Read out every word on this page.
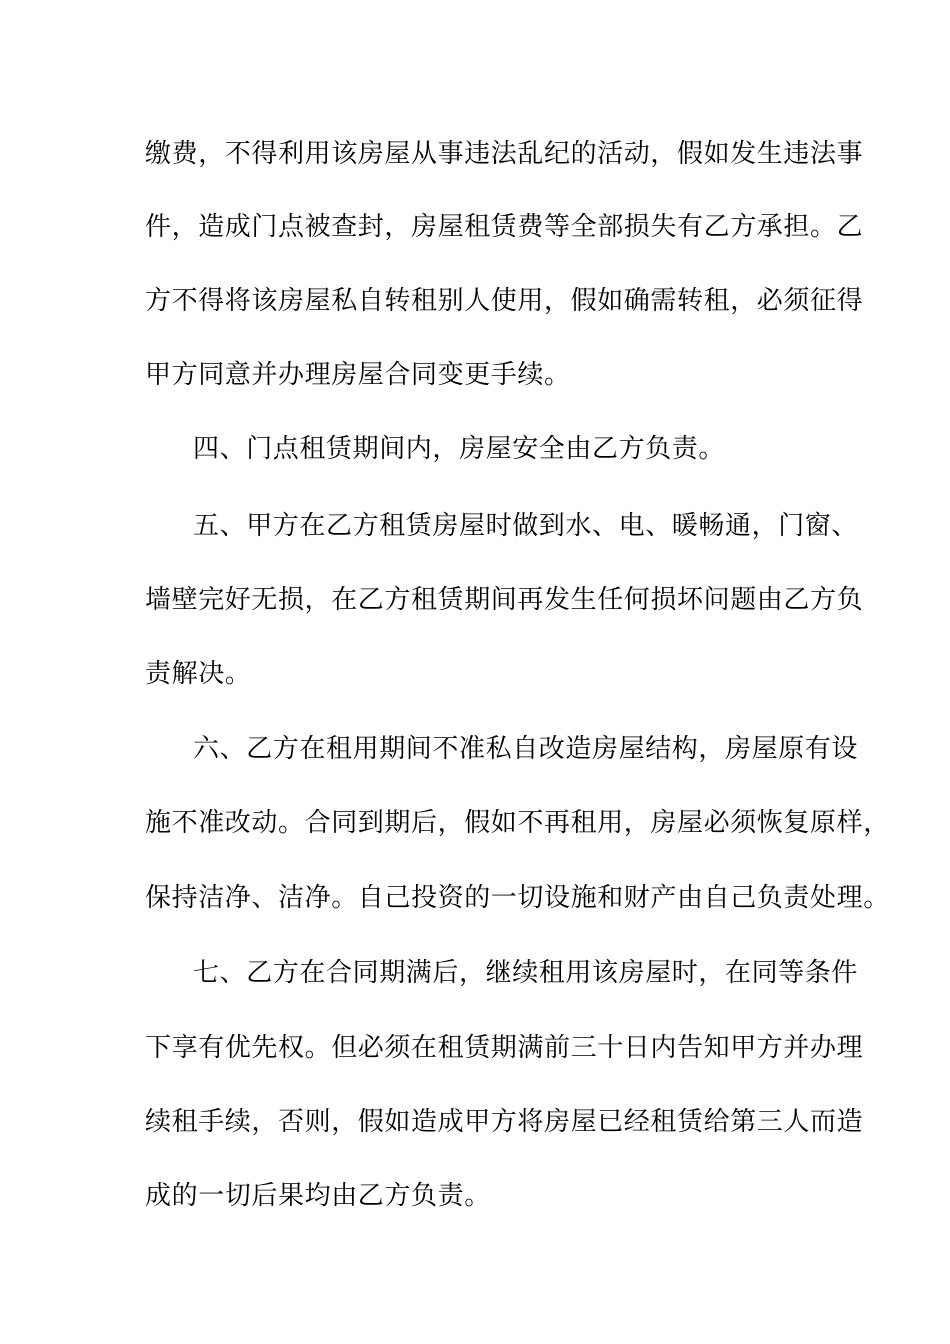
缴费，不得利用该房屋从事违法乱纪的活动，假如发生违法事
件，造成门点被查封，房屋租赁费等全部损失有乙方承担。乙
方不得将该房屋私自转租别人使用，假如确需转租，必须征得
甲方同意并办理房屋合同变更手续。
四、门点租赁期间内，房屋安全由乙方负责。
五、甲方在乙方租赁房屋时做到水、电、暖畅通，门窗、
墙壁完好无损，在乙方租赁期间再发生任何损坏问题由乙方负
责解决。
六、乙方在租用期间不准私自改造房屋结构，房屋原有设
施不准改动。合同到期后，假如不再租用，房屋必须恢复原样，
保持洁净、洁净。自己投资的一切设施和财产由自己负责处理。
七、乙方在合同期满后，继续租用该房屋时，在同等条件
下享有优先权。但必须在租赁期满前三十日内告知甲方并办理
续租手续，否则，假如造成甲方将房屋已经租赁给第三人而造
成的一切后果均由乙方负责。
